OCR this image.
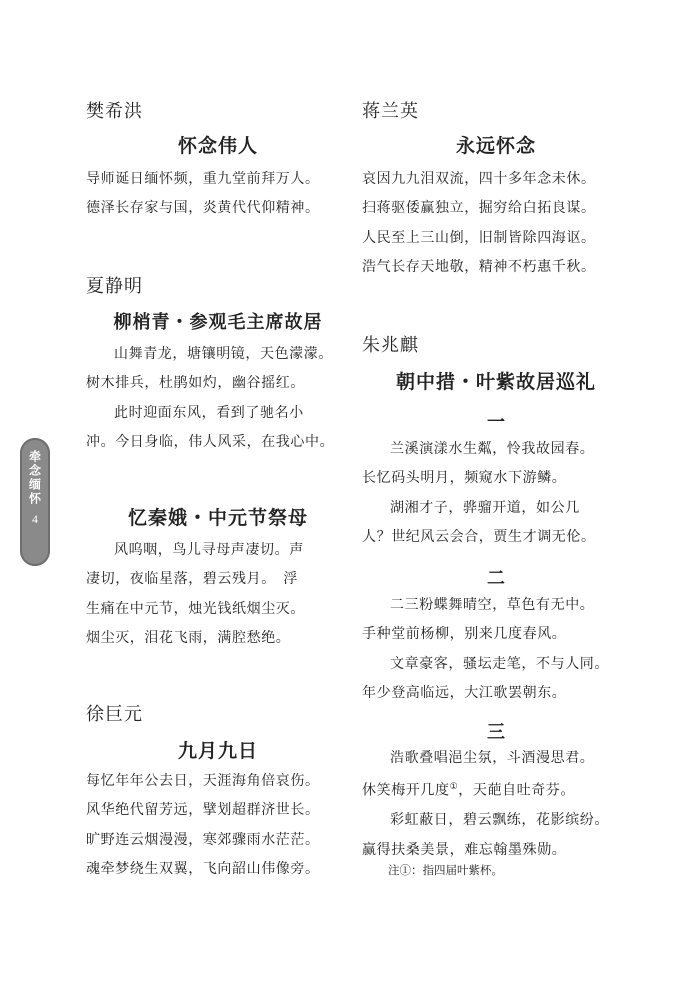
樊希洪
怀念伟人
导师诞日缅怀频，重九堂前拜万人。
德泽长存家与国，炎黄代代仰精神。
夏静明
柳梢青・参观毛主席故居
山舞青龙，塘镶明镜，天色濛濛。
树木排兵，杜鹃如灼，幽谷摇红。
此时迎面东风，看到了驰名小
冲。今日身临，伟人风采，在我心中。
忆秦娥・中元节祭母
风呜咽，鸟儿寻母声凄切。声
凄切，夜临星落，碧云残月。　浮
生痛在中元节，烛光钱纸烟尘灭。
烟尘灭，泪花飞雨，满腔愁绝。
徐巨元
九月九日
每忆年年公去日，天涯海角倍哀伤。
风华绝代留芳远，擘划超群济世长。
旷野连云烟漫漫，寒郊骤雨水茫茫。
魂牵梦绕生双翼，飞向韶山伟像旁。
蒋兰英
永远怀念
哀因九九泪双流，四十多年念未休。
扫蒋驱倭赢独立，掘穷给白拓良谋。
人民至上三山倒，旧制皆除四海讴。
浩气长存天地敬，精神不朽惠千秋。
朱兆麒
朝中措・叶紫故居巡礼
一
兰溪演漾水生粼，怜我故园春。
长忆码头明月，频窥水下游鳞。
湖湘才子，骅骝开道，如公几
人？世纪风云会合，贾生才调无伦。
二
二三粉蝶舞晴空，草色有无中。
手种堂前杨柳，别来几度春风。
文章豪客，骚坛走笔，不与人同。
年少登高临远，大江歌罢朝东。
三
浩歌叠唱浥尘氛，斗酒漫思君。
休笑梅开几度①，天葩自吐奇芬。
彩虹蔽日，碧云飘练，花影缤纷。
赢得扶桑美景，难忘翰墨殊勋。
注①：指四届叶紫杯。
牵念缅怀
4
